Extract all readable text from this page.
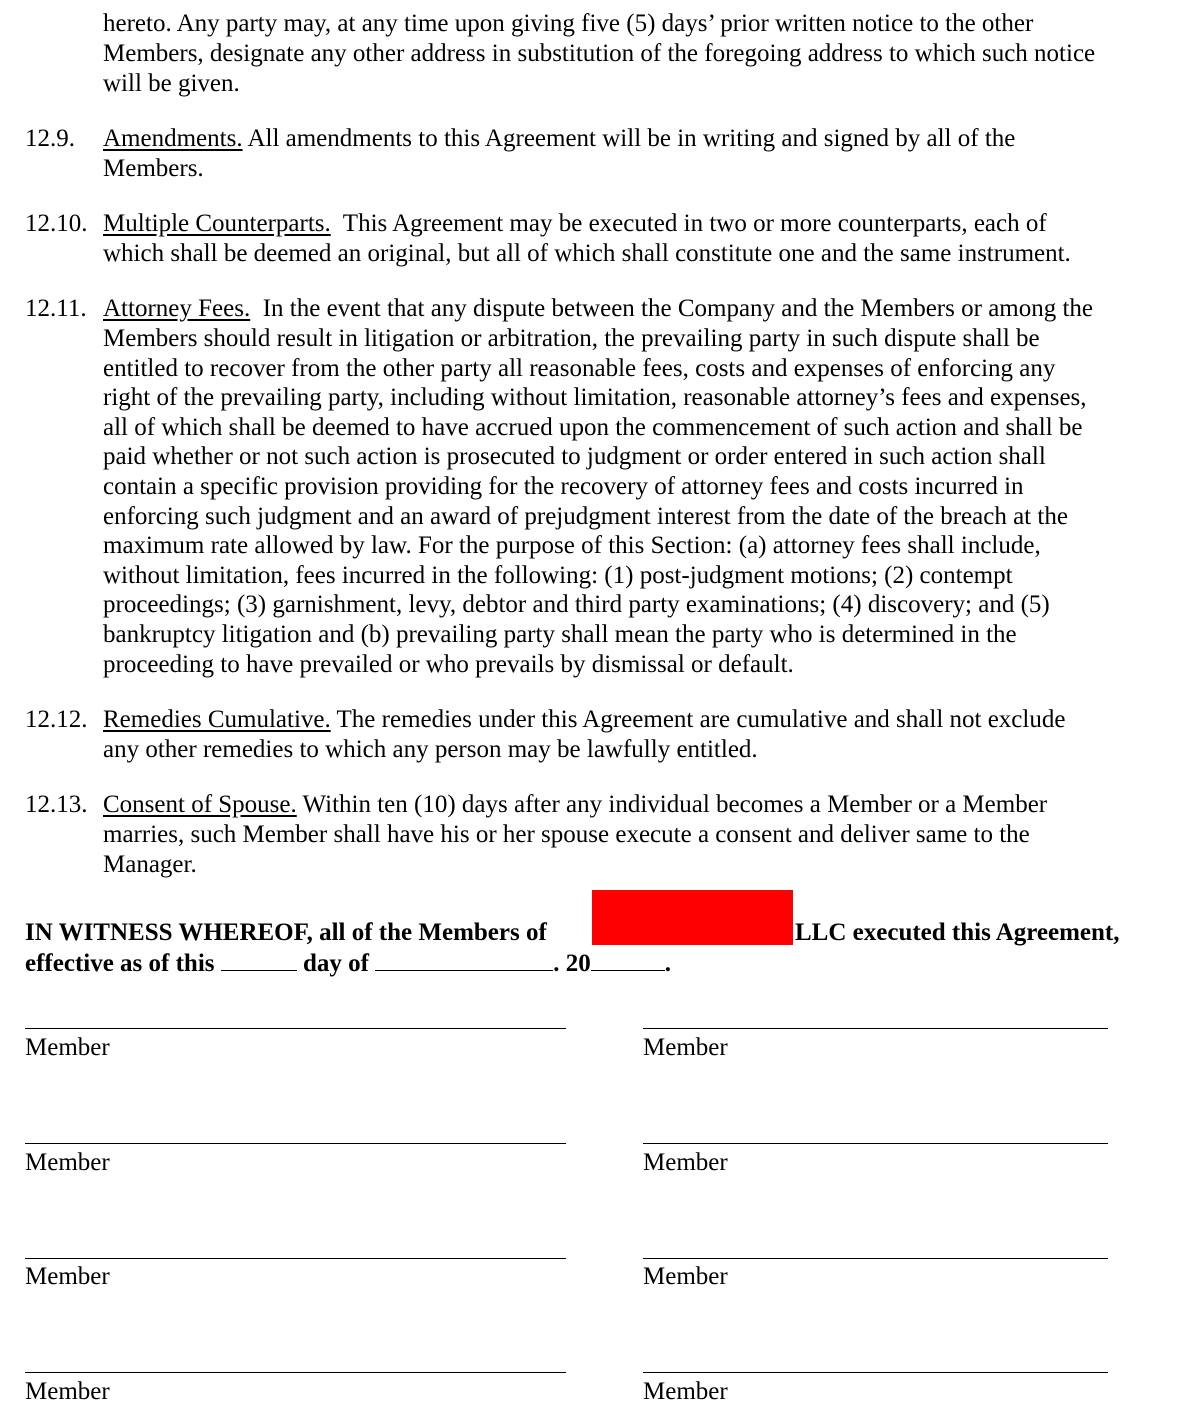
hereto. Any party may, at any time upon giving five (5) days’ prior written notice to the other
Members, designate any other address in substitution of the foregoing address to which such notice
will be given.
12.9. Amendments. All amendments to this Agreement will be in writing and signed by all of the
Members.
12.10. Multiple Counterparts.  This Agreement may be executed in two or more counterparts, each of
which shall be deemed an original, but all of which shall constitute one and the same instrument.
12.11. Attorney Fees.  In the event that any dispute between the Company and the Members or among the
Members should result in litigation or arbitration, the prevailing party in such dispute shall be
entitled to recover from the other party all reasonable fees, costs and expenses of enforcing any
right of the prevailing party, including without limitation, reasonable attorney’s fees and expenses,
all of which shall be deemed to have accrued upon the commencement of such action and shall be
paid whether or not such action is prosecuted to judgment or order entered in such action shall
contain a specific provision providing for the recovery of attorney fees and costs incurred in
enforcing such judgment and an award of prejudgment interest from the date of the breach at the
maximum rate allowed by law. For the purpose of this Section: (a) attorney fees shall include,
without limitation, fees incurred in the following: (1) post-judgment motions; (2) contempt
proceedings; (3) garnishment, levy, debtor and third party examinations; (4) discovery; and (5)
bankruptcy litigation and (b) prevailing party shall mean the party who is determined in the
proceeding to have prevailed or who prevails by dismissal or default.
12.12. Remedies Cumulative. The remedies under this Agreement are cumulative and shall not exclude
any other remedies to which any person may be lawfully entitled.
12.13. Consent of Spouse. Within ten (10) days after any individual becomes a Member or a Member
marries, such Member shall have his or her spouse execute a consent and deliver same to the
Manager.
IN WITNESS WHEREOF, all of the Members of	LLC executed this Agreement,
effective as of this	day of	. 20	.
Member	Member
Member	Member
Member	Member
Member	Member
